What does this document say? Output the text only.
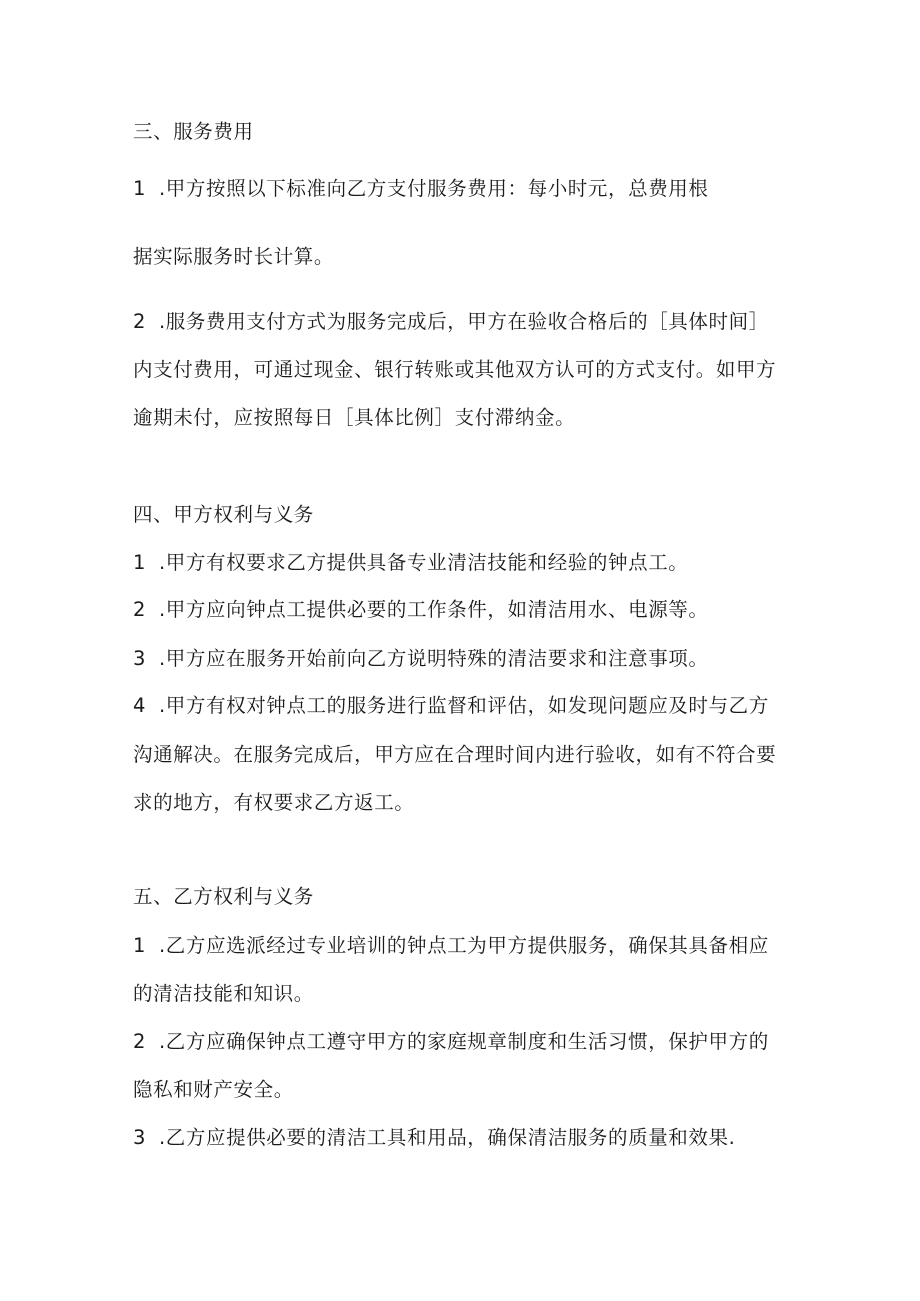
三、服务费用
1 .甲方按照以下标准向乙方支付服务费用：每小时元，总费用根
据实际服务时长计算。
2 .服务费用支付方式为服务完成后，甲方在验收合格后的［具体时间］
内支付费用，可通过现金、银行转账或其他双方认可的方式支付。如甲方
逾期未付，应按照每日［具体比例］支付滞纳金。
四、甲方权利与义务
1 .甲方有权要求乙方提供具备专业清洁技能和经验的钟点工。
2 .甲方应向钟点工提供必要的工作条件，如清洁用水、电源等。
3 .甲方应在服务开始前向乙方说明特殊的清洁要求和注意事项。
4 .甲方有权对钟点工的服务进行监督和评估，如发现问题应及时与乙方
沟通解决。在服务完成后，甲方应在合理时间内进行验收，如有不符合要
求的地方，有权要求乙方返工。
五、乙方权利与义务
1 .乙方应选派经过专业培训的钟点工为甲方提供服务，确保其具备相应
的清洁技能和知识。
2 .乙方应确保钟点工遵守甲方的家庭规章制度和生活习惯，保护甲方的
隐私和财产安全。
3 .乙方应提供必要的清洁工具和用品，确保清洁服务的质量和效果.
